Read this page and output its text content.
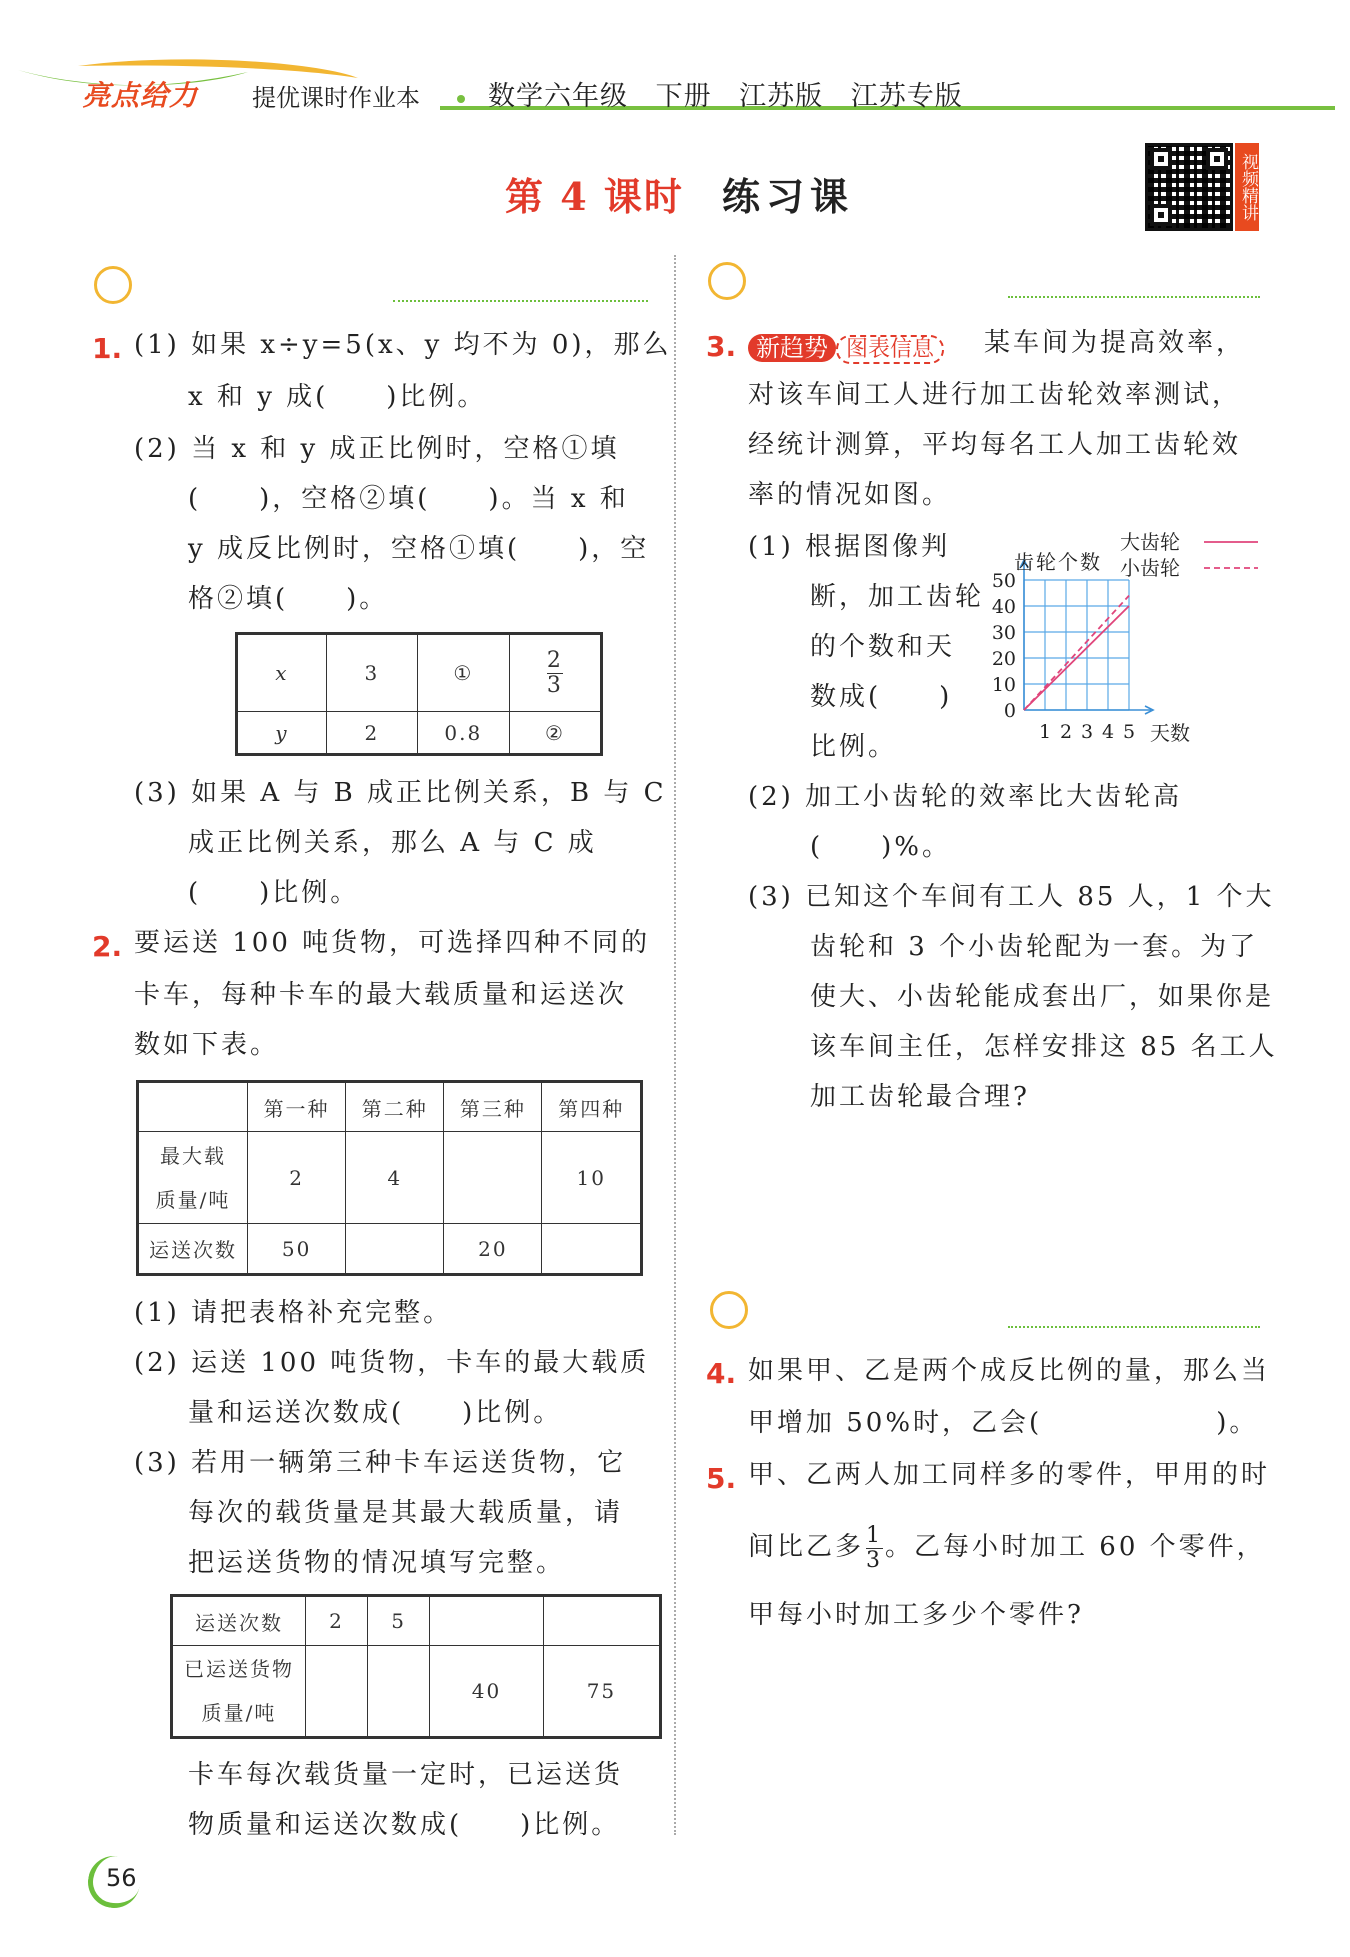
亮点给力 提优课时作业本	数学六年级 下册 江苏版 江苏专版
第 4 课时 练习课	视频精讲
基础巩固提优
1. (1) 如果 x÷y=5(x、y 均不为 0)，那么
x 和 y 成(　　)比例。
(2) 当 x 和 y 成正比例时，空格①填
(　　)，空格②填(　　)。当 x 和
y 成反比例时，空格①填(　　)，空
格②填(　　)。
x	3	①	$\frac{2}{3}$

y	2	0.8	②
(3) 如果 A 与 B 成正比例关系，B 与 C
成正比例关系，那么 A 与 C 成
(　　)比例。
2. 要运送 100 吨货物，可选择四种不同的
卡车，每种卡车的最大载质量和运送次
数如下表。
	第一种	第二种	第三种	第四种
最大载
质量/吨	2	4		10
运送次数	50		20	
(1) 请把表格补充完整。
(2) 运送 100 吨货物，卡车的最大载质
量和运送次数成(　　)比例。
(3) 若用一辆第三种卡车运送货物，它
每次的载货量是其最大载质量，请
把运送货物的情况填写完整。
运送次数	2	5		
已运送货物
质量/吨			40	75
卡车每次载货量一定时，已运送货
物质量和运送次数成(　　)比例。
思维拓展提优
3. 新趋势 图表信息	某车间为提高效率，
对该车间工人进行加工齿轮效率测试，
经统计测算，平均每名工人加工齿轮效
率的情况如图。
(1) 根据图像判
断，加工齿轮
的个数和天
数成(　　)
比例。
0
10
20
30
40
50
1 2 3 4 5
齿轮个数
天数
大齿轮
小齿轮
(2) 加工小齿轮的效率比大齿轮高
(　　)%。
(3) 已知这个车间有工人 85 人，1 个大
齿轮和 3 个小齿轮配为一套。为了
使大、小齿轮能成套出厂，如果你是
该车间主任，怎样安排这 85 名工人
加工齿轮最合理?
核心素养提优
4. 如果甲、乙是两个成反比例的量，那么当
甲增加 50%时，乙会(　　　　　　)。
5. 甲、乙两人加工同样多的零件，甲用的时
间比乙多 $\frac{1}{3}$ 。乙每小时加工 60 个零件，
甲每小时加工多少个零件?
56
